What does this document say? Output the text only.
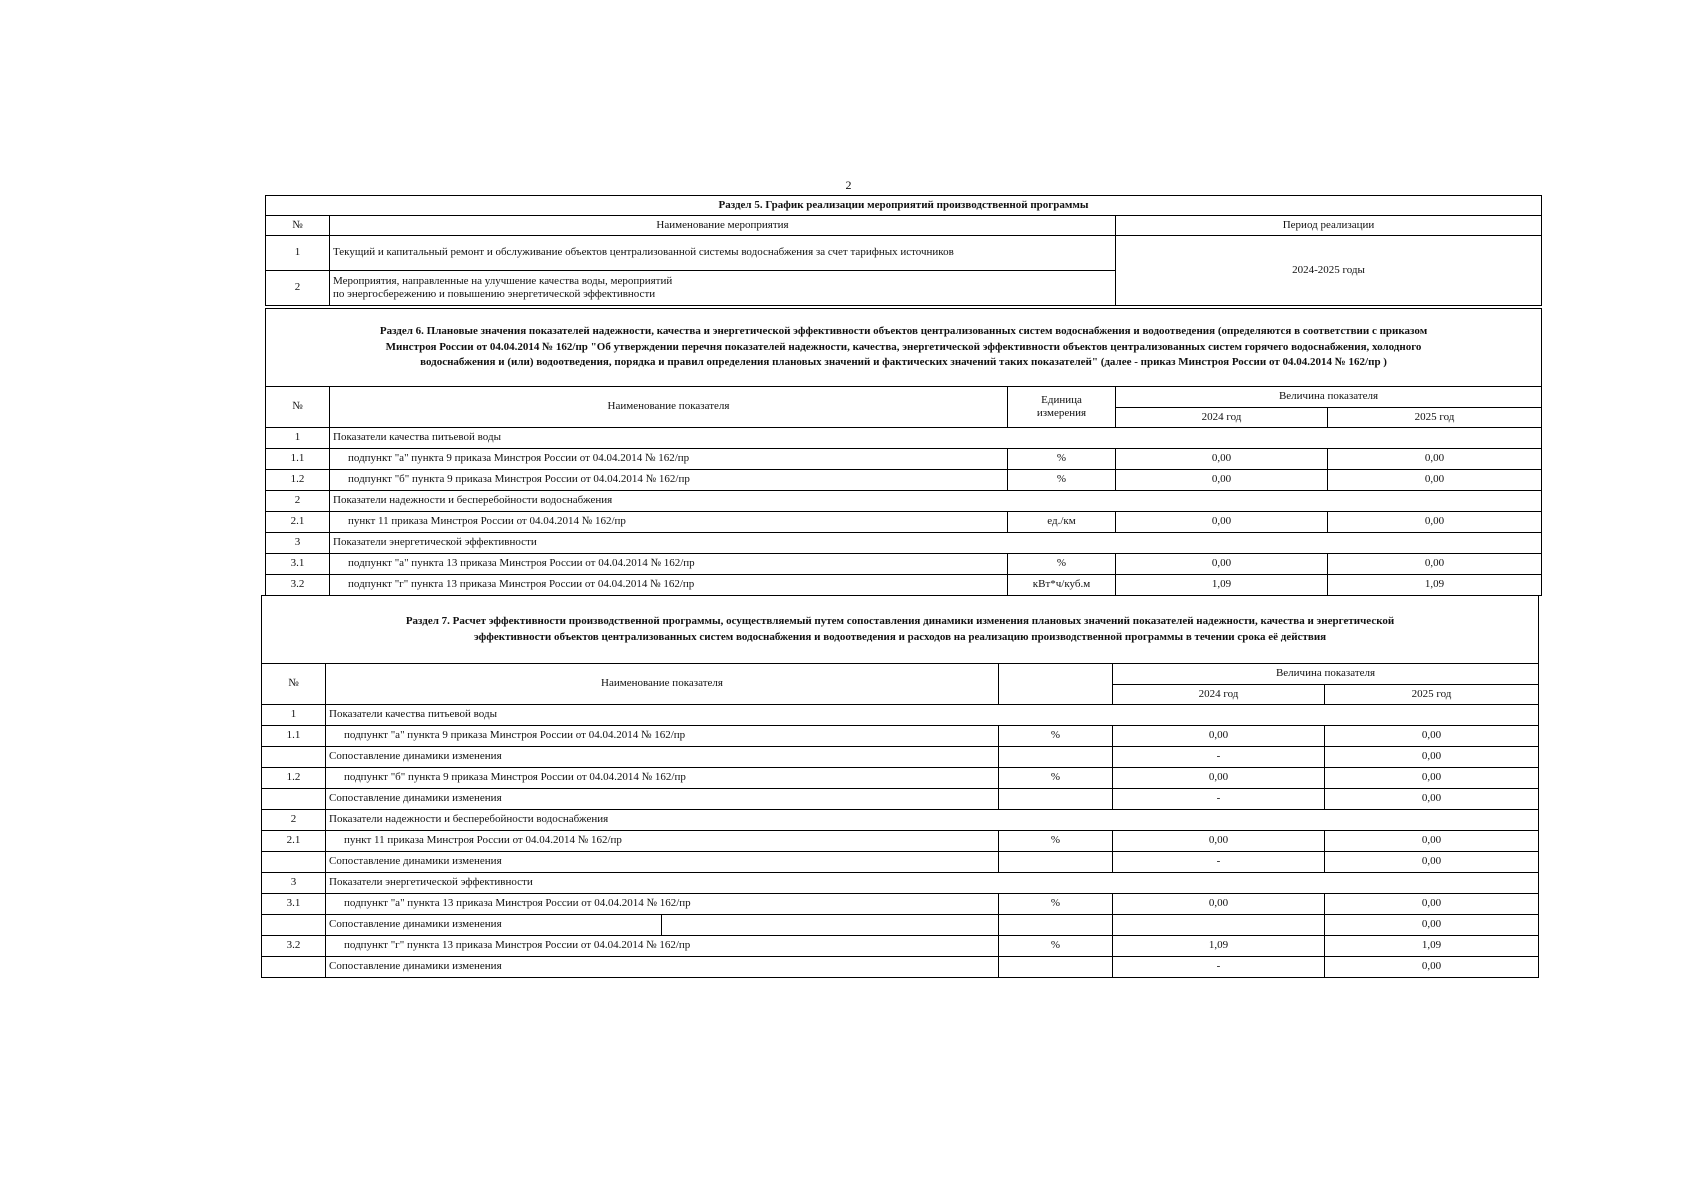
2
Раздел 5. График реализации мероприятий производственной программы		
№	Наименование мероприятия	Период реализации
1	Текущий и капитальный ремонт и обслуживание объектов централизованной системы водоснабжения за счет тарифных источников	2024-2025 годы
2	Мероприятия, направленные на улучшение качества воды, мероприятий
по энергосбережению и повышению энергетической эффективности	
Раздел 6. Плановые значения показателей надежности, качества и энергетической эффективности объектов централизованных систем водоснабжения и водоотведения (определяются в соответствии с приказом
Минстроя России от 04.04.2014 № 162/пр "Об утверждении перечня показателей надежности, качества, энергетической эффективности объектов централизованных систем горячего водоснабжения, холодного
водоснабжения и (или) водоотведения, порядка и правил определения плановых значений и фактических значений таких показателей" (далее - приказ Минстроя России от 04.04.2014 № 162/пр )				

№	Наименование показателя	Единица
измерения	Величина показателя	
			2024 год	2025 год
1	Показатели качества питьевой воды			
1.1	подпункт "а" пункта 9 приказа Минстроя России от 04.04.2014 № 162/пр	%	0,00	0,00
1.2	подпункт "б" пункта 9 приказа Минстроя России от 04.04.2014 № 162/пр	%	0,00	0,00
2	Показатели надежности и бесперебойности водоснабжения			
2.1	пункт 11 приказа Минстроя России от 04.04.2014 № 162/пр	ед./км	0,00	0,00
3	Показатели энергетической эффективности			
3.1	подпункт "а" пункта 13 приказа Минстроя России от 04.04.2014 № 162/пр	%	0,00	0,00
3.2	подпункт "г" пункта 13 приказа Минстроя России от 04.04.2014 № 162/пр	кВт*ч/куб.м	1,09	1,09
Раздел 7. Расчет эффективности производственной программы, осуществляемый путем сопоставления динамики изменения плановых значений показателей надежности, качества и энергетической
эффективности объектов централизованных систем водоснабжения и водоотведения и расходов на реализацию производственной программы в течении срока её действия				

№	Наименование показателя		Величина показателя	
			2024 год	2025 год
1	Показатели качества питьевой воды			
1.1	подпункт "а" пункта 9 приказа Минстроя России от 04.04.2014 № 162/пр	%	0,00	0,00
	Сопоставление динамики изменения		-	0,00
1.2	подпункт "б" пункта 9 приказа Минстроя России от 04.04.2014 № 162/пр	%	0,00	0,00
	Сопоставление динамики изменения		-	0,00
2	Показатели надежности и бесперебойности водоснабжения			
2.1	пункт 11 приказа Минстроя России от 04.04.2014 № 162/пр	%	0,00	0,00
	Сопоставление динамики изменения		-	0,00
3	Показатели энергетической эффективности			
3.1	подпункт "а" пункта 13 приказа Минстроя России от 04.04.2014 № 162/пр	%	0,00	0,00
	Сопоставление динамики изменения			0,00
3.2	подпункт "г" пункта 13 приказа Минстроя России от 04.04.2014 № 162/пр	%	1,09	1,09
	Сопоставление динамики изменения		-	0,00
